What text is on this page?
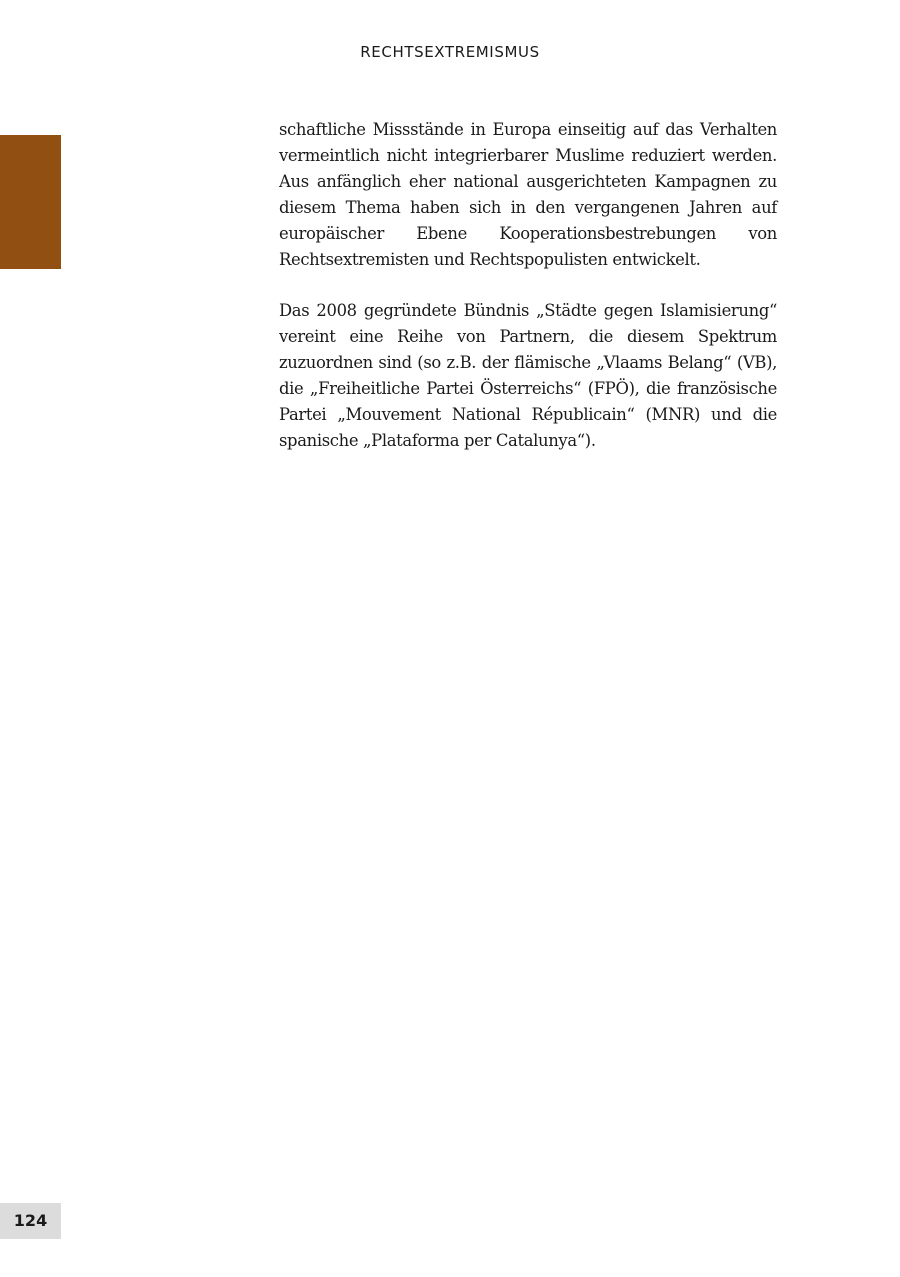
RECHTSEXTREMISMUS

schaftliche Missstände in Europa einseitig auf das Verhalten vermeintlich nicht integrierbarer Muslime reduziert werden. Aus anfänglich eher national ausgerichteten Kampagnen zu diesem Thema haben sich in den vergangenen Jahren auf europäischer Ebene Kooperationsbestrebungen von Rechtsextremisten und Rechtspopulisten entwickelt.

Das 2008 gegründete Bündnis „Städte gegen Islamisierung“ vereint eine Reihe von Partnern, die diesem Spektrum zuzuordnen sind (so z.B. der flämische „Vlaams Belang“ (VB), die „Freiheitliche Partei Österreichs“ (FPÖ), die französische Partei „Mouvement National Républicain“ (MNR) und die spanische „Plataforma per Catalunya“).

124
